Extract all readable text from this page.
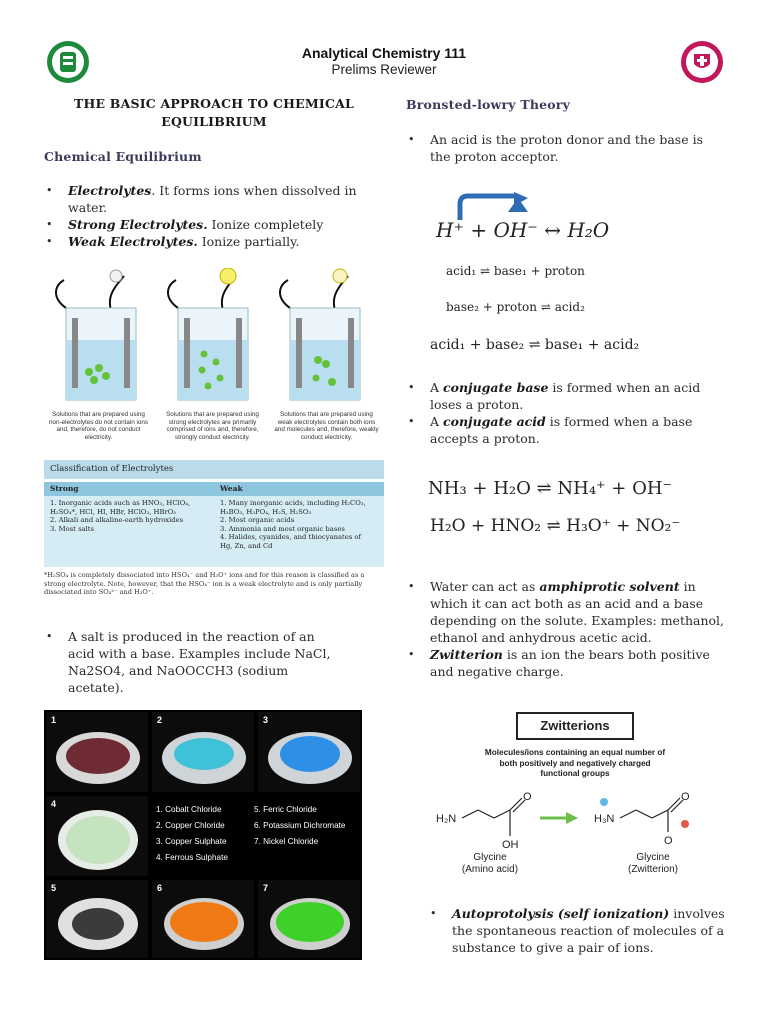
Analytical Chemistry 111
Prelims Reviewer
THE BASIC APPROACH TO CHEMICAL EQUILIBRIUM
Chemical Equilibrium
• Electrolytes. It forms ions when dissolved in water.
• Strong Electrolytes. Ionize completely
• Weak Electrolytes. Ionize partially.
Solutions that are prepared using non-electrolytes do not contain ions and, therefore, do not conduct electricity.
Solutions that are prepared using strong electrolytes are primarily comprised of ions and, therefore, strongly conduct electricity.
Solutions that are prepared using weak electrolytes contain both ions and molecules and, therefore, weakly conduct electricity.
Classification of Electrolytes
Strong	Weak
1. Inorganic acids such as HNO₃, HClO₄,
H₂SO₄*, HCl, HI, HBr, HClO₃, HBrO₃
2. Alkali and alkaline-earth hydroxides
3. Most salts
1. Many inorganic acids, including H₂CO₃,
H₃BO₃, H₃PO₄, H₂S, H₂SO₃
2. Most organic acids
3. Ammonia and most organic bases
4. Halides, cyanides, and thiocyanates of
Hg, Zn, and Cd
*H₂SO₄ is completely dissociated into HSO₄⁻ and H₃O⁺ ions and for this reason is classified as a strong electrolyte. Note, however, that the HSO₄⁻ ion is a weak electrolyte and is only partially dissociated into SO₄²⁻ and H₃O⁺.
• A salt is produced in the reaction of an acid with a base. Examples include NaCl, Na2SO4, and NaOOCCH3 (sodium acetate).
1	2	3
4
1. Cobalt Chloride
2. Copper Chloride
3. Copper Sulphate
4. Ferrous Sulphate
5. Ferric Chloride
6. Potassium Dichromate
7. Nickel Chloride
5	6	7
Bronsted-lowry Theory
• An acid is the proton donor and the base is the proton acceptor.
H⁺ + OH⁻ ↔ H₂O
acid₁ ⇌ base₁ + proton
base₂ + proton ⇌ acid₂
acid₁ + base₂ ⇌ base₁ + acid₂
• A conjugate base is formed when an acid loses a proton.
• A conjugate acid is formed when a base accepts a proton.
NH₃ + H₂O ⇌ NH₄⁺ + OH⁻
H₂O + HNO₂ ⇌ H₃O⁺ + NO₂⁻
• Water can act as amphiprotic solvent in which it can act both as an acid and a base depending on the solute. Examples: methanol, ethanol and anhydrous acetic acid.
• Zwitterion is an ion the bears both positive and negative charge.
Zwitterions
Molecules/ions containing an equal number of both positively and negatively charged functional groups
H₂N
O
OH
H₃N
O
O
Glycine
(Amino acid)
Glycine
(Zwitterion)
• Autoprotolysis (self ionization) involves the spontaneous reaction of molecules of a substance to give a pair of ions.
